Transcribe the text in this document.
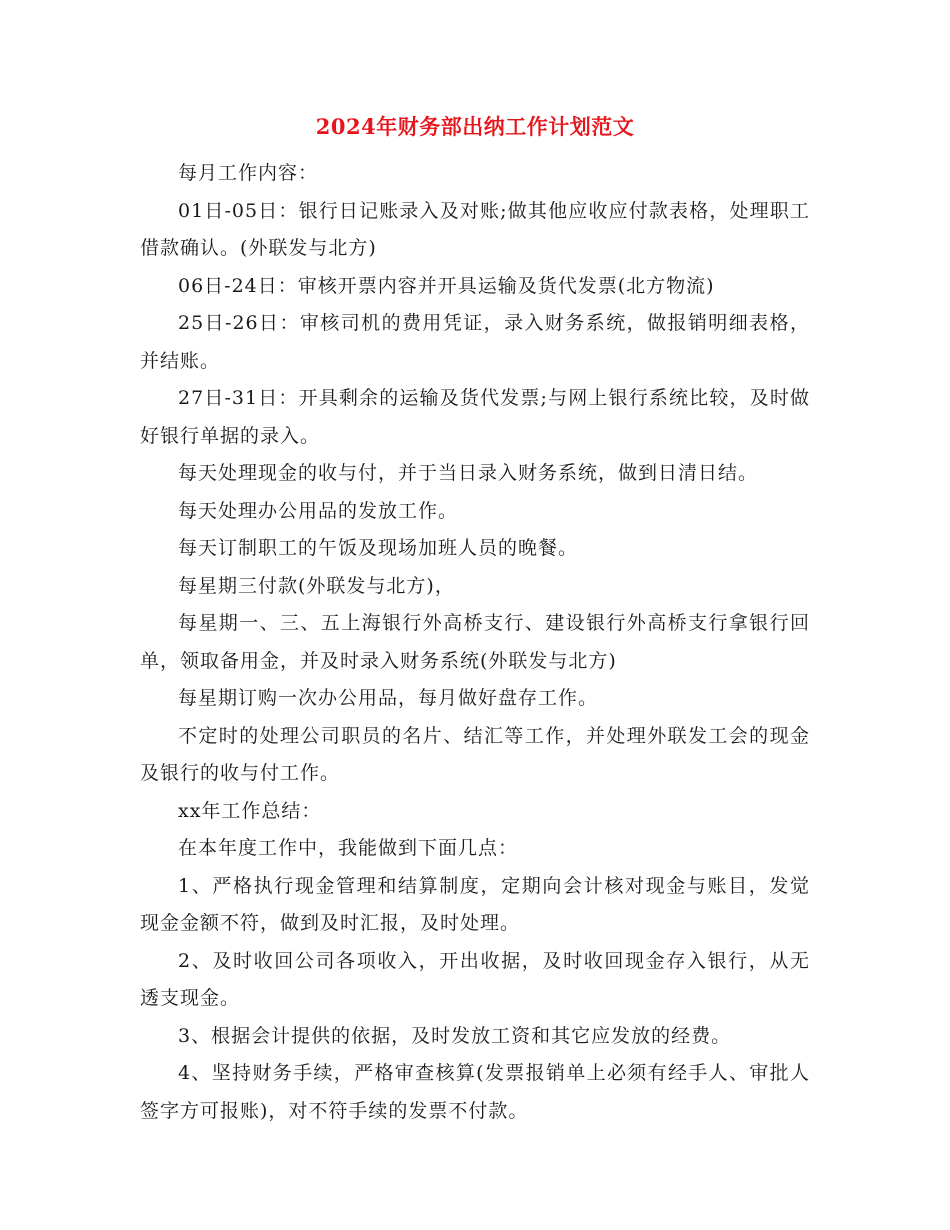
2024年财务部出纳工作计划范文

每月工作内容：

01日-05日：银行日记账录入及对账;做其他应收应付款表格，处理职工借款确认。(外联发与北方)

06日-24日：审核开票内容并开具运输及货代发票(北方物流)

25日-26日：审核司机的费用凭证，录入财务系统，做报销明细表格，并结账。

27日-31日：开具剩余的运输及货代发票;与网上银行系统比较，及时做好银行单据的录入。

每天处理现金的收与付，并于当日录入财务系统，做到日清日结。

每天处理办公用品的发放工作。

每天订制职工的午饭及现场加班人员的晚餐。

每星期三付款(外联发与北方)，

每星期一、三、五上海银行外高桥支行、建设银行外高桥支行拿银行回单，领取备用金，并及时录入财务系统(外联发与北方)

每星期订购一次办公用品，每月做好盘存工作。

不定时的处理公司职员的名片、结汇等工作，并处理外联发工会的现金及银行的收与付工作。

xx年工作总结：

在本年度工作中，我能做到下面几点：

1、严格执行现金管理和结算制度，定期向会计核对现金与账目，发觉现金金额不符，做到及时汇报，及时处理。

2、及时收回公司各项收入，开出收据，及时收回现金存入银行，从无透支现金。

3、根据会计提供的依据，及时发放工资和其它应发放的经费。

4、坚持财务手续，严格审查核算(发票报销单上必须有经手人、审批人签字方可报账)，对不符手续的发票不付款。
